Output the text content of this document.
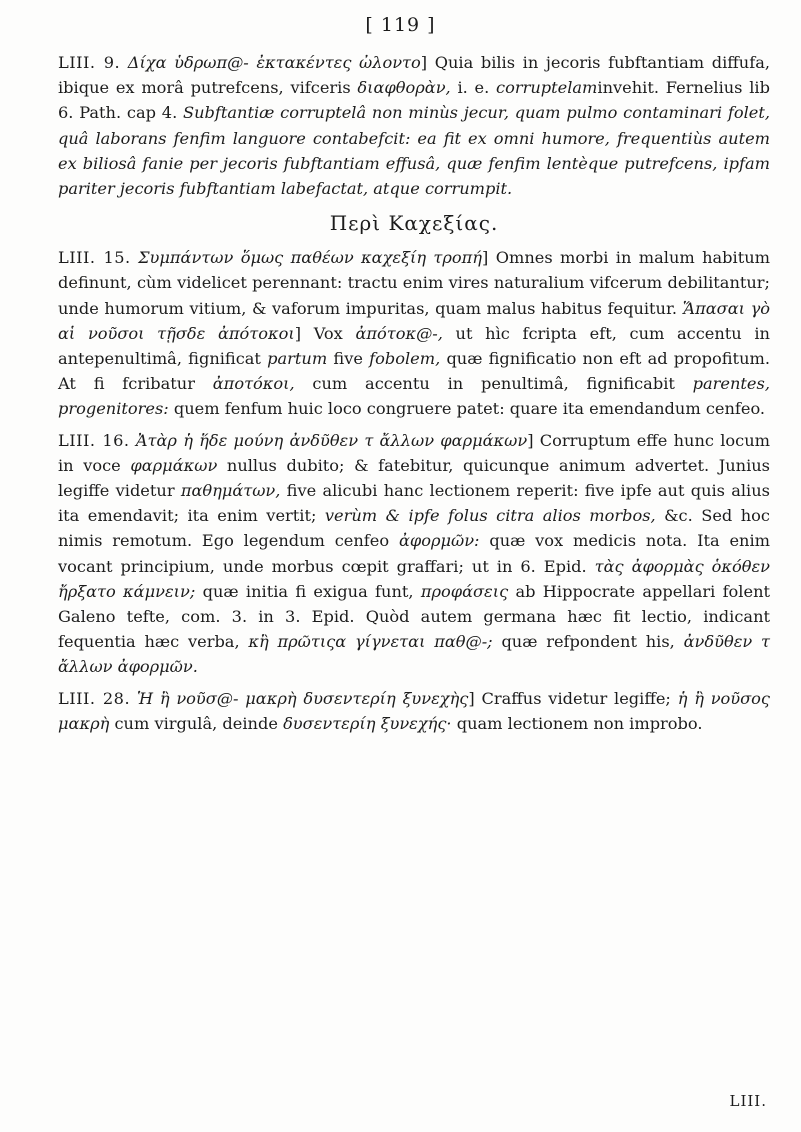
[ 119 ]

LIII. 9. Δίχα ὑδρωπ@- ἐκτακέντες ὠλοντο] Quia bilis in jecoris fubftantiam diffufa, ibique ex morâ putrefcens, vifceris διαφθορὰν, i. e. corruptelaminvehit. Fernelius lib 6. Path. cap 4. Subftantiæ corruptelâ non minùs jecur, quam pulmo contaminari folet, quâ laborans fenfim languore contabefcit: ea fit ex omni humore, frequentiùs autem ex biliosâ fanie per jecoris fubftantiam effusâ, quæ fenfim lentèque putrefcens, ipfam pariter jecoris fubftantiam labefactat, atque corrumpit.

Περὶ Καχεξίας.

LIII. 15. Συμπάντων ὅμως παθέων καχεξίη τροπή] Omnes morbi in malum habitum definunt, cùm videlicet perennant: tractu enim vires naturalium vifcerum debilitantur; unde humorum vitium, & vaforum impuritas, quam malus habitus fequitur. Ἅπασαι γὸ αἱ νοῦσοι τῇσδε ἀπότοκοι] Vox ἀπότοκ@-, ut hìc fcripta eft, cum accentu in antepenultimâ, fignificat partum five fobolem, quæ fignificatio non eft ad propofitum. At fi fcribatur ἀποτόκοι, cum accentu in penultimâ, fignificabit parentes, progenitores: quem fenfum huic loco congruere patet: quare ita emendandum cenfeo.

LIII. 16. Ἀτὰρ ἡ ἥδε μούνη ἀνδῦθεν τ ἄλλων φαρμάκων] Corruptum effe hunc locum in voce φαρμάκων nullus dubito; & fatebitur, quicunque animum advertet. Junius legiffe videtur παθημάτων, five alicubi hanc lectionem reperit: five ipfe aut quis alius ita emendavit; ita enim vertit; verùm & ipfe folus citra alios morbos, &c. Sed hoc nimis remotum. Ego legendum cenfeo ἀφορμῶν: quæ vox medicis nota. Ita enim vocant principium, unde morbus cœpit graffari; ut in 6. Epid. τὰς ἀφορμὰς ὁκόθεν ἤρξατο κάμνειν; quæ initia fi exigua funt, προφάσεις ab Hippocrate appellari folent Galeno tefte, com. 3. in 3. Epid. Quòd autem germana hæc fit lectio, indicant fequentia hæc verba, κἢ πρῶτιςα γίγνεται παθ@-; quæ refpondent his, ἀνδῦθεν τ ἄλλων ἀφορμῶν.

LIII. 28. Ἡ ἢ νοῦσ@- μακρὴ δυσεντερίη ξυνεχὴς] Craffus videtur legiffe; ἡ ἢ νοῦσος μακρὴ cum virgulâ, deinde δυσεντερίη ξυνεχής· quam lectionem non improbo.

LIII.
